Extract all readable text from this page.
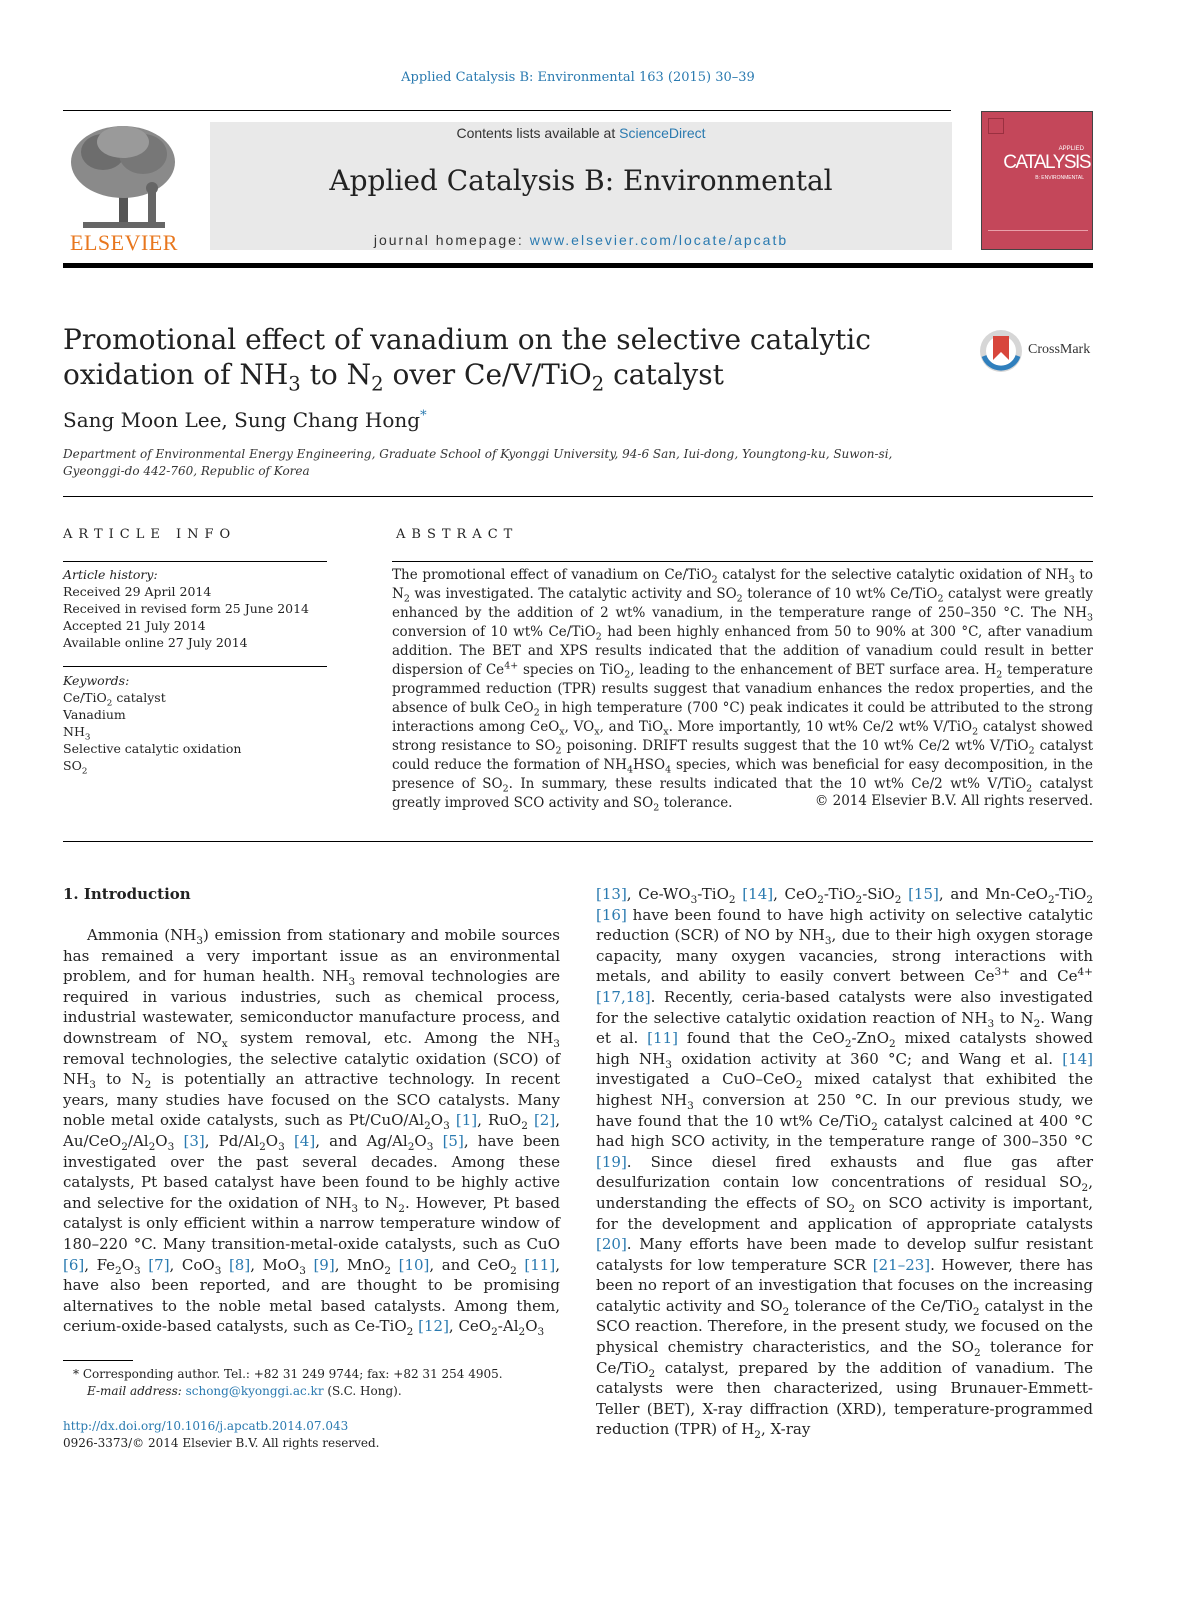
Applied Catalysis B: Environmental 163 (2015) 30–39
ELSEVIER
Contents lists available at ScienceDirect
Applied Catalysis B: Environmental
journal homepage: www.elsevier.com/locate/apcatb
APPLIED
CATALYSIS
B: ENVIRONMENTAL
Promotional effect of vanadium on the selective catalytic oxidation of $NH_3$ to $N_2$ over Ce/V/TiO$_2$ catalyst
CrossMark
Sang Moon Lee, Sung Chang Hong*
Department of Environmental Energy Engineering, Graduate School of Kyonggi University, 94-6 San, Iui-dong, Youngtong-ku, Suwon-si, Gyeonggi-do 442-760, Republic of Korea
ARTICLE INFO
Article history:
Received 29 April 2014
Received in revised form 25 June 2014
Accepted 21 July 2014
Available online 27 July 2014
Keywords:
Ce/TiO$_2$ catalyst
Vanadium
$NH_3$
Selective catalytic oxidation
$SO_2$
ABSTRACT
The promotional effect of vanadium on Ce/TiO$_2$ catalyst for the selective catalytic oxidation of $NH_3$ to $N_2$ was investigated. The catalytic activity and $SO_2$ tolerance of 10 wt% Ce/TiO$_2$ catalyst were greatly enhanced by the addition of 2 wt% vanadium, in the temperature range of 250–350 °C. The $NH_3$ conversion of 10 wt% Ce/TiO$_2$ had been highly enhanced from 50 to 90% at 300 °C, after vanadium addition. The BET and XPS results indicated that the addition of vanadium could result in better dispersion of $Ce^{4+}$ species on TiO$_2$, leading to the enhancement of BET surface area. $H_2$ temperature programmed reduction (TPR) results suggest that vanadium enhances the redox properties, and the absence of bulk CeO$_2$ in high temperature (700 °C) peak indicates it could be attributed to the strong interactions among CeO$_x$, $VO_x$, and TiO$_x$. More importantly, 10 wt% Ce/2 wt% V/TiO$_2$ catalyst showed strong resistance to $SO_2$ poisoning. DRIFT results suggest that the 10 wt% Ce/2 wt% V/TiO$_2$ catalyst could reduce the formation of $NH_4HSO_4$ species, which was beneficial for easy decomposition, in the presence of $SO_2$. In summary, these results indicated that the 10 wt% Ce/2 wt% V/TiO$_2$ catalyst greatly improved SCO activity and $SO_2$ tolerance.	© 2014 Elsevier B.V. All rights reserved.
1. Introduction

Ammonia $(NH_3)$ emission from stationary and mobile sources has remained a very important issue as an environmental problem, and for human health. $NH_3$ removal technologies are required in various industries, such as chemical process, industrial wastewater, semiconductor manufacture process, and downstream of $NO_x$ system removal, etc. Among the $NH_3$ removal technologies, the selective catalytic oxidation (SCO) of $NH_3$ to $N_2$ is potentially an attractive technology. In recent years, many studies have focused on the SCO catalysts. Many noble metal oxide catalysts, such as $Pt/CuO/Al_2O_3$ [1], RuO$_2$ [2], $Au/CeO_2/Al_2O_3$ [3], $Pd/Al_2O_3$ [4], and $Ag/Al_2O_3$ [5], have been investigated over the past several decades. Among these catalysts, Pt based catalyst have been found to be highly active and selective for the oxidation of $NH_3$ to $N_2$. However, Pt based catalyst is only efficient within a narrow temperature window of 180–220 °C. Many transition-metal-oxide catalysts, such as CuO [6], $Fe_2O_3$ [7], CoO$_3$ [8], MoO$_3$ [9], MnO$_2$ [10], and CeO$_2$ [11], have also been reported, and are thought to be promising alternatives to the noble metal based catalysts. Among them, cerium-oxide-based catalysts, such as Ce-TiO$_2$ [12], $CeO_2-Al_2O_3$

[13], $Ce-WO_3-TiO_2$ [14], CeO$_2$-TiO$_2$-SiO$_2$ [15], and Mn-CeO$_2$-TiO$_2$ [16] have been found to have high activity on selective catalytic reduction (SCR) of NO by $NH_3$, due to their high oxygen storage capacity, many oxygen vacancies, strong interactions with metals, and ability to easily convert between $Ce^{3+}$ and $Ce^{4+}$ [17,18]. Recently, ceria-based catalysts were also investigated for the selective catalytic oxidation reaction of $NH_3$ to $N_2$. Wang et al. [11] found that the CeO$_2$-ZnO$_2$ mixed catalysts showed high $NH_3$ oxidation activity at 360 °C; and Wang et al. [14] investigated a CuO–CeO$_2$ mixed catalyst that exhibited the highest $NH_3$ conversion at 250 °C. In our previous study, we have found that the 10 wt% Ce/TiO$_2$ catalyst calcined at 400 °C had high SCO activity, in the temperature range of 300–350 °C [19]. Since diesel fired exhausts and flue gas after desulfurization contain low concentrations of residual $SO_2$, understanding the effects of $SO_2$ on SCO activity is important, for the development and application of appropriate catalysts [20]. Many efforts have been made to develop sulfur resistant catalysts for low temperature SCR [21–23]. However, there has been no report of an investigation that focuses on the increasing catalytic activity and $SO_2$ tolerance of the Ce/TiO$_2$ catalyst in the SCO reaction. Therefore, in the present study, we focused on the physical chemistry characteristics, and the $SO_2$ tolerance for Ce/TiO$_2$ catalyst, prepared by the addition of vanadium. The catalysts were then characterized, using Brunauer-Emmett-Teller (BET), X-ray diffraction (XRD), temperature-programmed reduction (TPR) of $H_2$, X-ray

* Corresponding author. Tel.: +82 31 249 9744; fax: +82 31 254 4905.
E-mail address: schong@kyonggi.ac.kr (S.C. Hong).
http://dx.doi.org/10.1016/j.apcatb.2014.07.043
0926-3373/© 2014 Elsevier B.V. All rights reserved.
